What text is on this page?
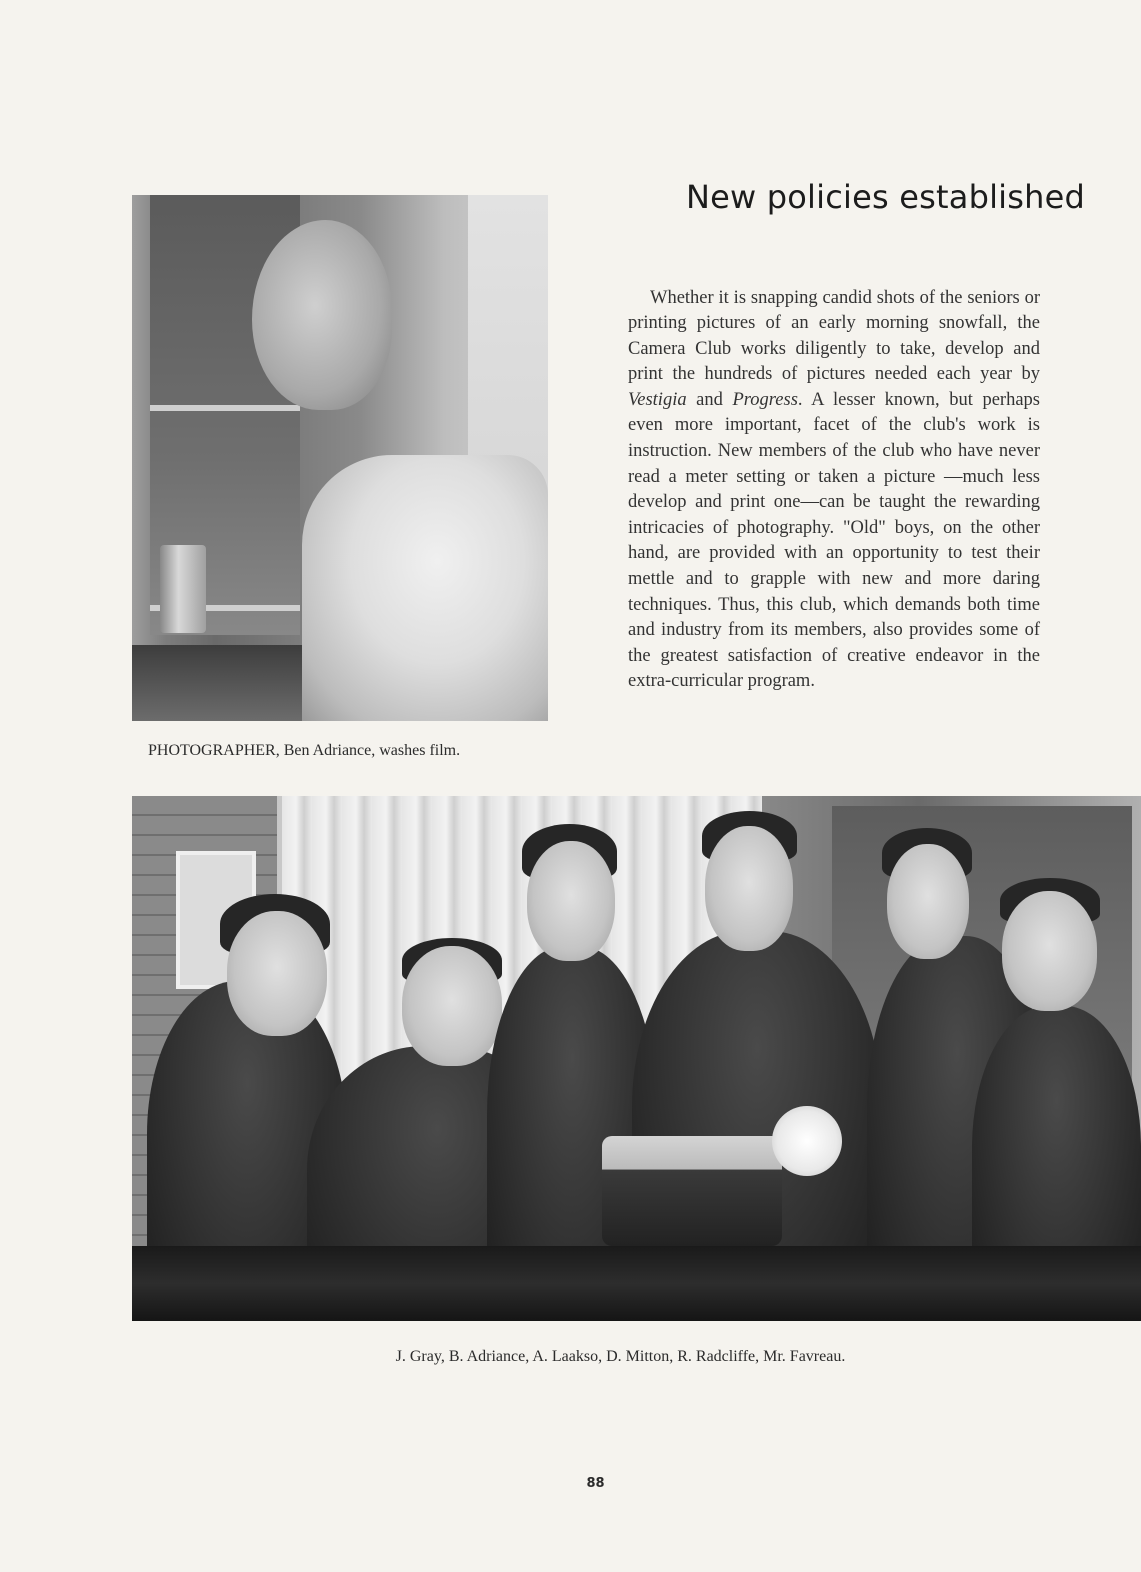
New policies established
PHOTOGRAPHER, Ben Adriance, washes film.

Whether it is snapping candid shots of the seniors or printing pictures of an early morning snowfall, the Camera Club works diligently to take, develop and print the hundreds of pictures needed each year by Vestigia and Progress. A lesser known, but perhaps even more important, facet of the club's work is instruction. New members of the club who have never read a meter setting or taken a picture —much less develop and print one—can be taught the rewarding intricacies of photography. "Old" boys, on the other hand, are provided with an opportunity to test their mettle and to grapple with new and more daring techniques. Thus, this club, which demands both time and industry from its members, also provides some of the greatest satisfaction of creative endeavor in the extra-curricular program.

J. Gray, B. Adriance, A. Laakso, D. Mitton, R. Radcliffe, Mr. Favreau.
88
